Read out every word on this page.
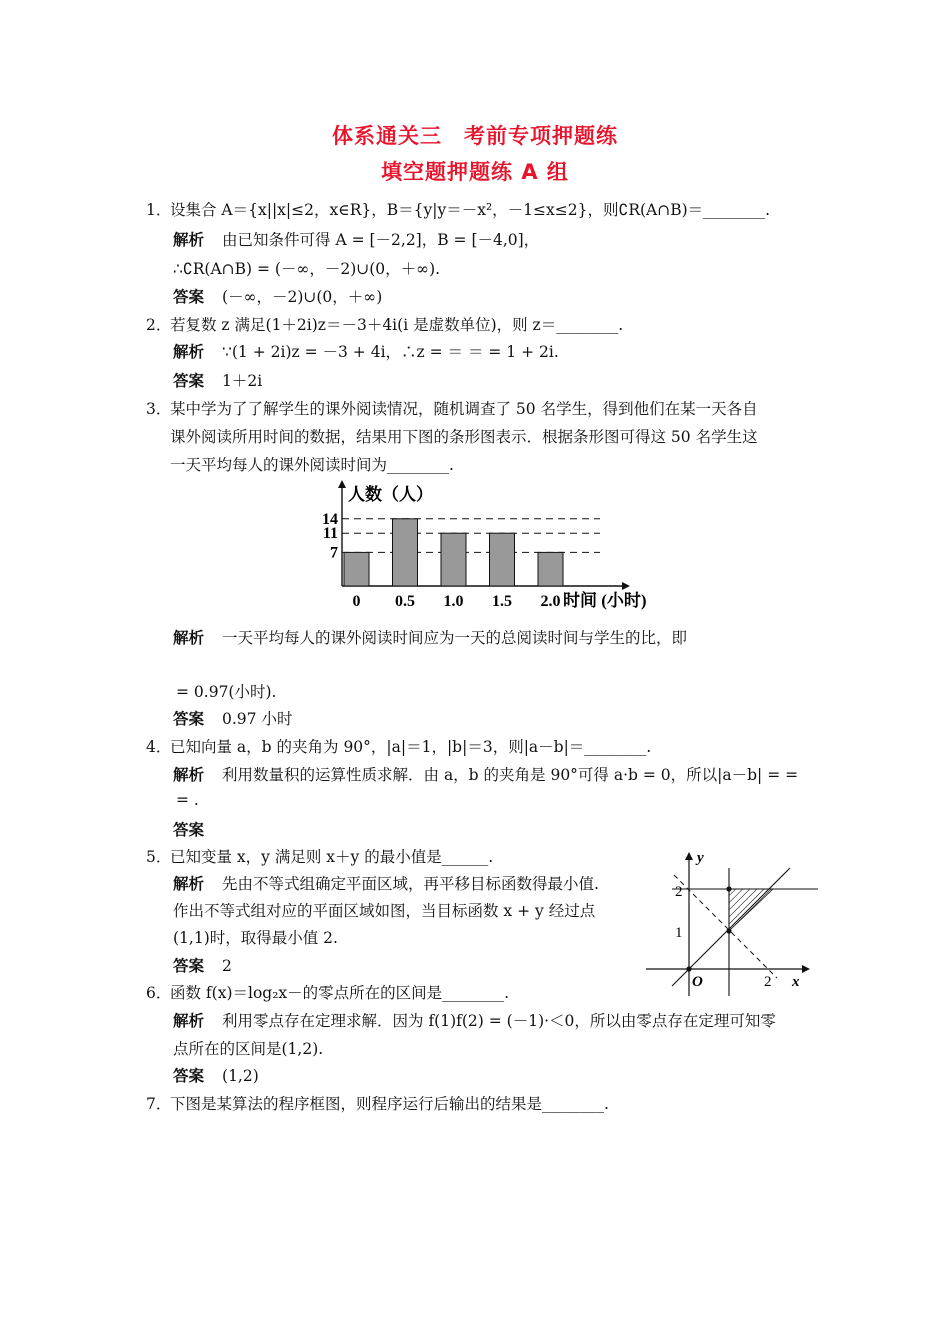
体系通关三　考前专项押题练
填空题押题练 A 组
1．设集合 A＝{x||x|≤2，x∈R}，B＝{y|y＝－x²，－1≤x≤2}，则∁R(A∩B)＝________.
解析 由已知条件可得 A = [－2,2]，B = [－4,0]，
∴∁R(A∩B) = (－∞，－2)∪(0，＋∞).
答案 (－∞，－2)∪(0，＋∞)
2．若复数 z 满足(1＋2i)z＝－3＋4i(i 是虚数单位)，则 z＝________.
解析 ∵(1 + 2i)z = －3 + 4i，∴z = ＝ ＝ = 1 + 2i.
答案 1＋2i
3．某中学为了了解学生的课外阅读情况，随机调查了 50 名学生，得到他们在某一天各自
课外阅读所用时间的数据，结果用下图的条形图表示．根据条形图可得这 50 名学生这
一天平均每人的课外阅读时间为________.
7
11
14
0 0.5 1.0 1.5 2.0
人数（人）
时间 (小时)
解析 一天平均每人的课外阅读时间应为一天的总阅读时间与学生的比，即
= 0.97(小时).
答案 0.97 小时
4．已知向量 a，b 的夹角为 90°，|a|＝1，|b|＝3，则|a－b|＝________.
解析 利用数量积的运算性质求解．由 a，b 的夹角是 90°可得 a·b = 0，所以|a－b| = =
= .
答案
5．已知变量 x，y 满足则 x＋y 的最小值是______.
解析 先由不等式组确定平面区域，再平移目标函数得最小值.
作出不等式组对应的平面区域如图，当目标函数 x + y 经过点
(1,1)时，取得最小值 2.
答案 2
y
x
O
2
1
2
6．函数 f(x)＝log₂x－的零点所在的区间是________.
解析 利用零点存在定理求解．因为 f(1)f(2) = (－1)·＜0，所以由零点存在定理可知零
点所在的区间是(1,2).
答案 (1,2)
7．下图是某算法的程序框图，则程序运行后输出的结果是________.
